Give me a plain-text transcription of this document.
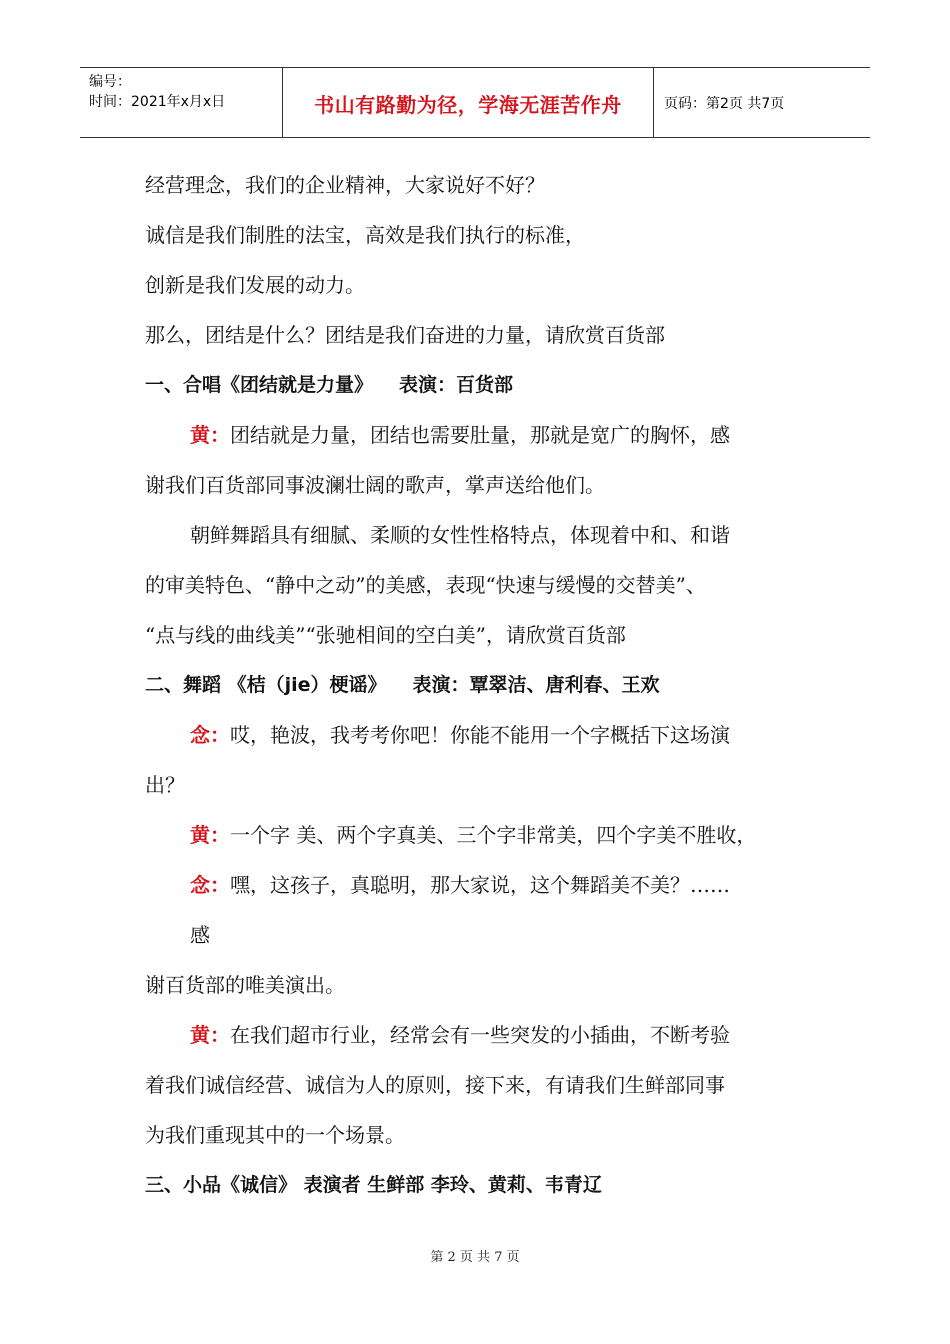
编号：
时间：2021年x月x日	书山有路勤为径，学海无涯苦作舟	页码：第2页 共7页
经营理念，我们的企业精神，大家说好不好？
诚信是我们制胜的法宝，高效是我们执行的标准，
创新是我们发展的动力。
那么，团结是什么？团结是我们奋进的力量，请欣赏百货部
一、合唱《团结就是力量》 表演：百货部
黄：团结就是力量，团结也需要肚量，那就是宽广的胸怀，感
谢我们百货部同事波澜壮阔的歌声，掌声送给他们。
朝鲜舞蹈具有细腻、柔顺的女性性格特点，体现着中和、和谐
的审美特色、“静中之动”的美感，表现“快速与缓慢的交替美”、
“点与线的曲线美”“张驰相间的空白美”，请欣赏百货部
二、舞蹈 《桔（jie）梗谣》 表演：覃翠洁、唐利春、王欢
念：哎，艳波，我考考你吧！你能不能用一个字概括下这场演
出？
黄：一个字 美、两个字真美、三个字非常美，四个字美不胜收，
念：嘿，这孩子，真聪明，那大家说，这个舞蹈美不美？……
感
谢百货部的唯美演出。
黄：在我们超市行业，经常会有一些突发的小插曲，不断考验
着我们诚信经营、诚信为人的原则，接下来，有请我们生鲜部同事
为我们重现其中的一个场景。
三、小品《诚信》 表演者 生鲜部 李玲、黄莉、韦青辽
第 2 页 共 7 页
